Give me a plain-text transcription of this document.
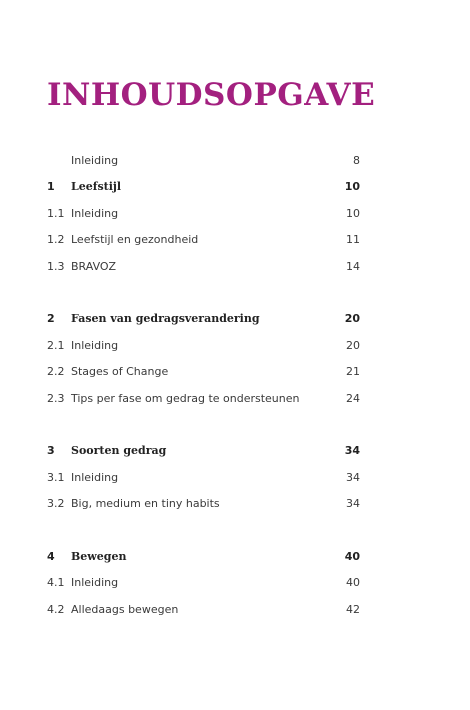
INHOUDSOPGAVE
Inleiding	8
1	Leefstijl	10
1.1 Inleiding	10
1.2 Leefstijl en gezondheid	11
1.3 BRAVOZ	14
2	Fasen van gedragsverandering	20
2.1 Inleiding	20
2.2 Stages of Change	21
2.3 Tips per fase om gedrag te ondersteunen	24
3	Soorten gedrag	34
3.1 Inleiding	34
3.2 Big, medium en tiny habits	34
4	Bewegen	40
4.1 Inleiding	40
4.2 Alledaags bewegen	42
